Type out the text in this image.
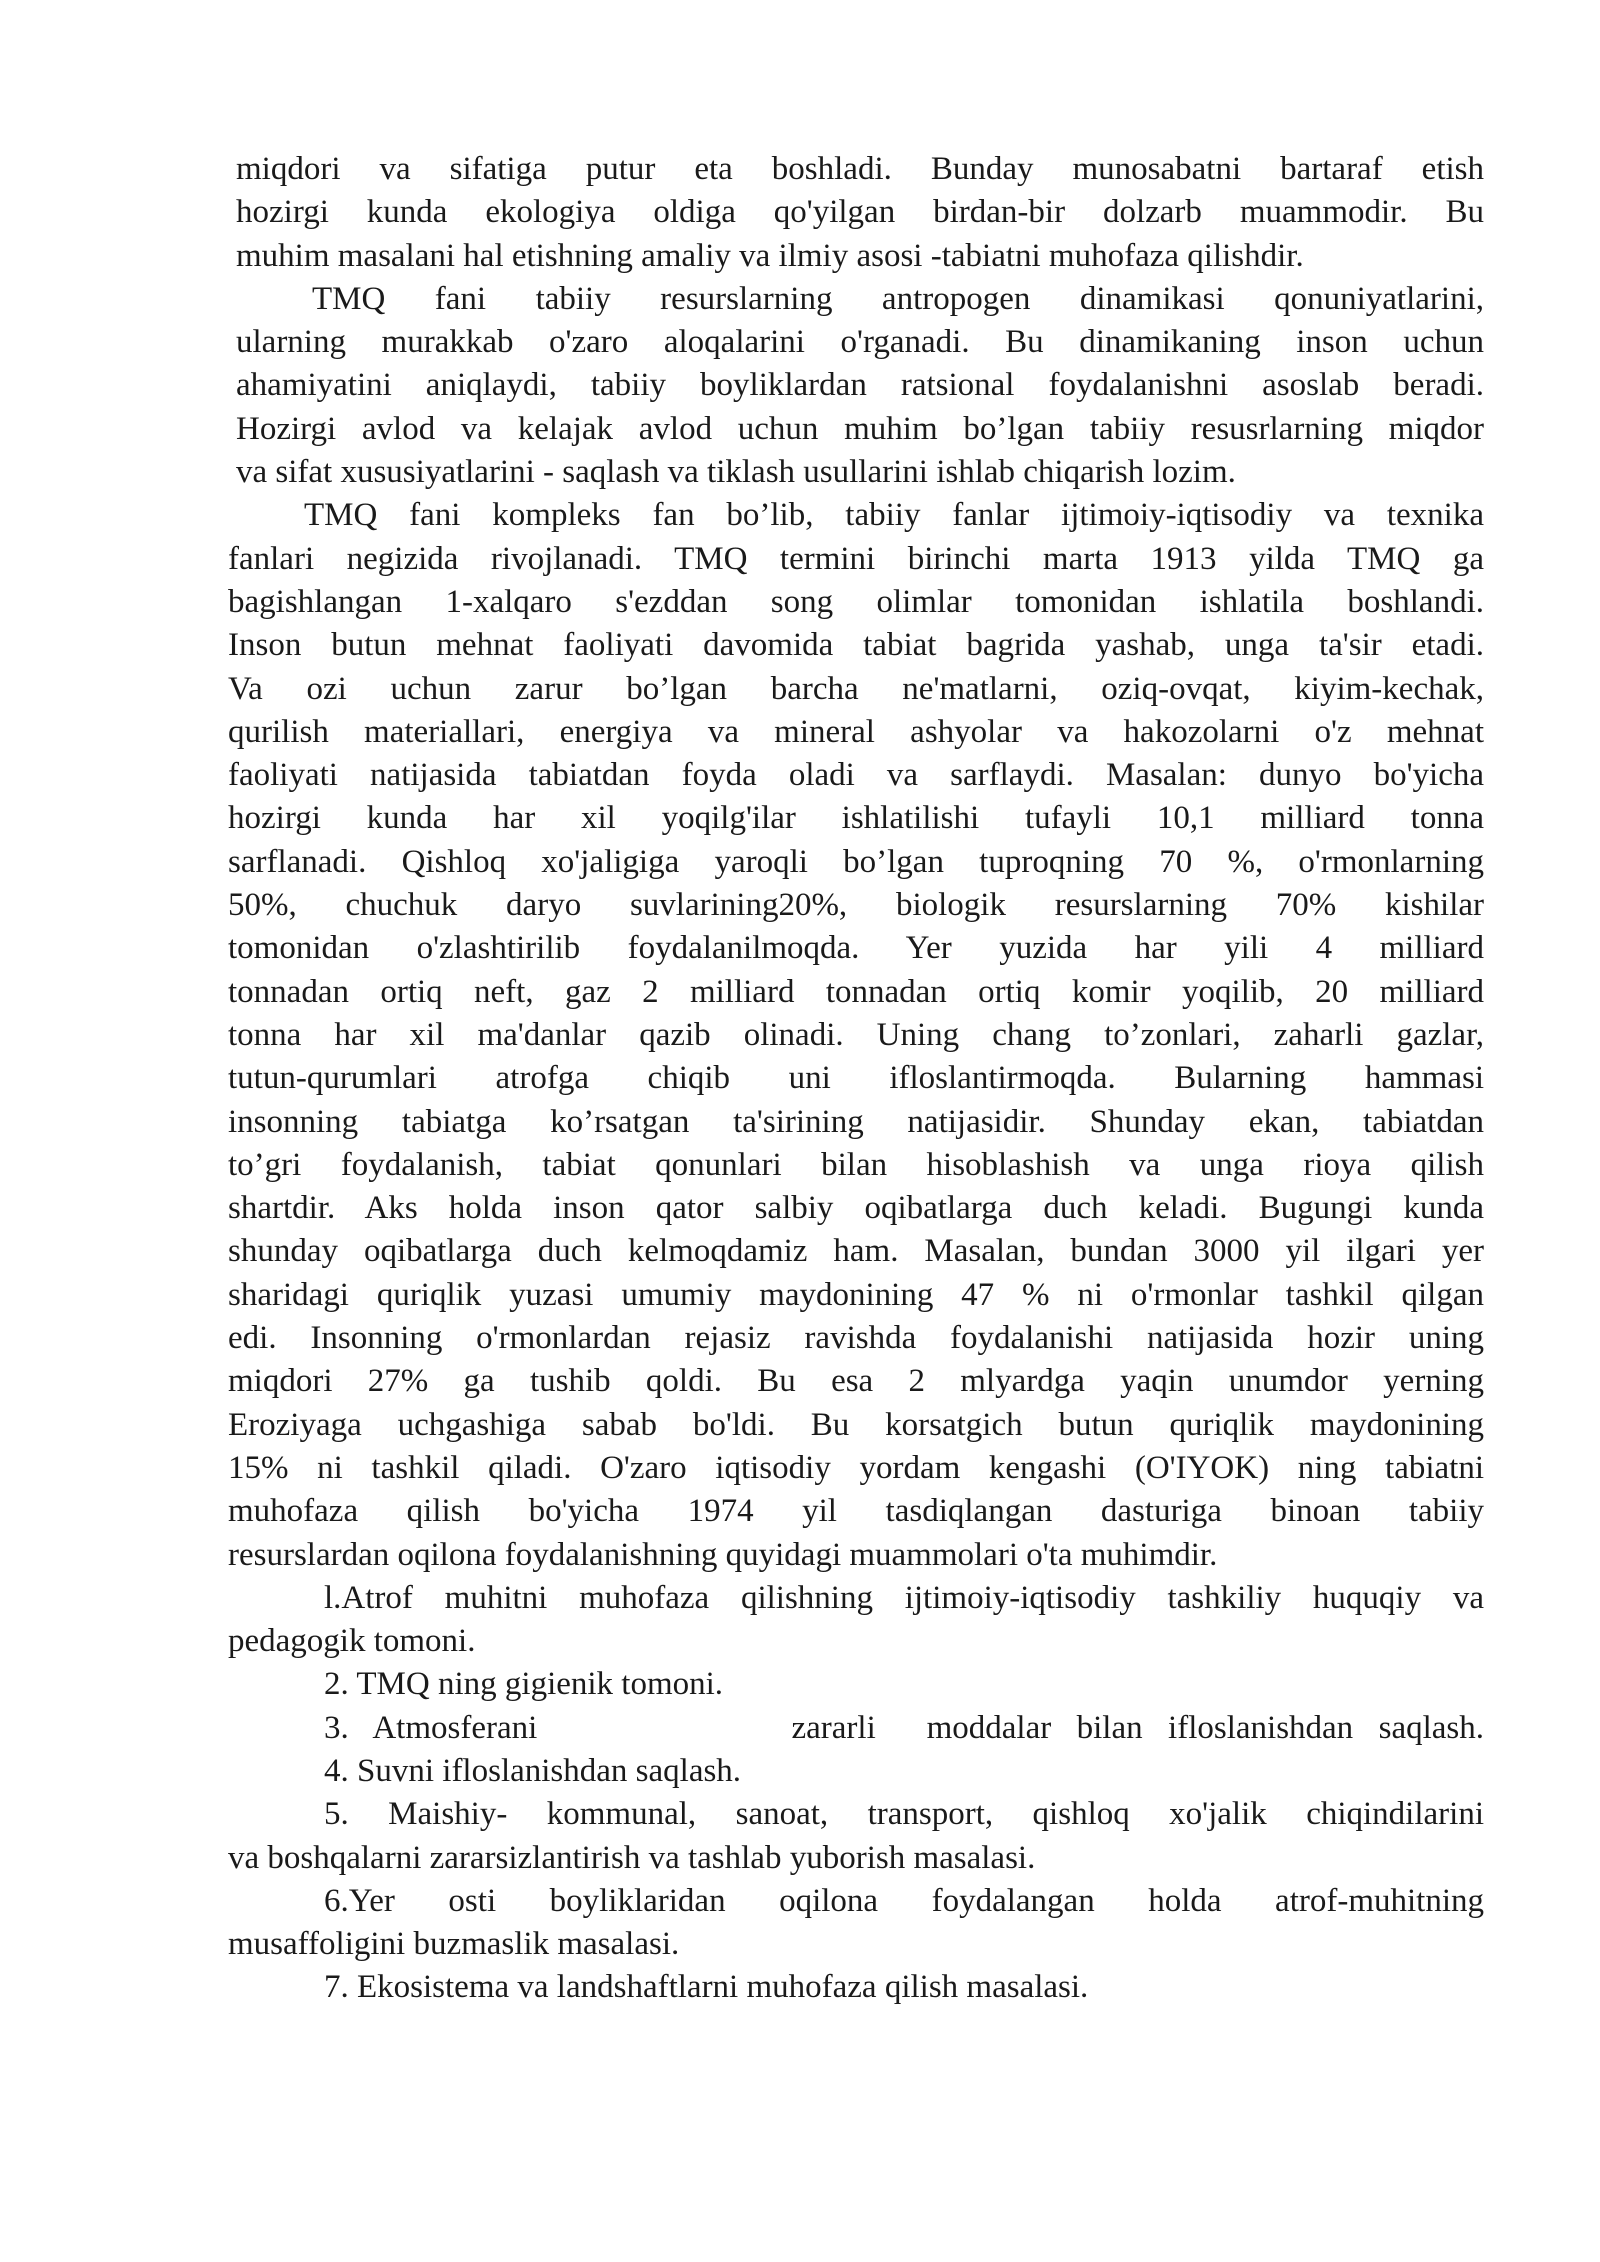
miqdori va sifatiga putur eta boshladi. Bunday munosabatni bartaraf etish
hozirgi kunda ekologiya oldiga qo'yilgan birdan-bir dolzarb muammodir. Bu
muhim masalani hal etishning amaliy va ilmiy asosi -tabiatni muhofaza qilishdir.
TMQ fani tabiiy resurslarning antropogen dinamikasi qonuniyatlarini,
ularning murakkab o'zaro aloqalarini o'rganadi. Bu dinamikaning inson uchun
ahamiyatini aniqlaydi, tabiiy boyliklardan ratsional foydalanishni asoslab beradi.
Hozirgi avlod va kelajak avlod uchun muhim bo’lgan tabiiy resusrlarning miqdor
va sifat xususiyatlarini - saqlash va tiklash usullarini ishlab chiqarish lozim.
TMQ fani kompleks fan bo’lib, tabiiy fanlar ijtimoiy-iqtisodiy va texnika
fanlari negizida rivojlanadi. TMQ termini birinchi marta 1913 yilda TMQ ga
bagishlangan 1-xalqaro s'ezddan song olimlar tomonidan ishlatila boshlandi.
Inson butun mehnat faoliyati davomida tabiat bagrida yashab, unga ta'sir etadi.
Va ozi uchun zarur bo’lgan barcha ne'matlarni, oziq-ovqat, kiyim-kechak,
qurilish materiallari, energiya va mineral ashyolar va hakozolarni o'z mehnat
faoliyati natijasida tabiatdan foyda oladi va sarflaydi. Masalan: dunyo bo'yicha
hozirgi kunda har xil yoqilg'ilar ishlatilishi tufayli 10,1 milliard tonna
sarflanadi. Qishloq xo'jaligiga yaroqli bo’lgan tuproqning 70 %, o'rmonlarning
50%, chuchuk daryo suvlarining20%, biologik resurslarning 70% kishilar
tomonidan o'zlashtirilib foydalanilmoqda. Yer yuzida har yili 4 milliard
tonnadan ortiq neft, gaz 2 milliard tonnadan ortiq komir yoqilib, 20 milliard
tonna har xil ma'danlar qazib olinadi. Uning chang to’zonlari, zaharli gazlar,
tutun-qurumlari atrofga chiqib uni ifloslantirmoqda. Bularning hammasi
insonning tabiatga ko’rsatgan ta'sirining natijasidir. Shunday ekan, tabiatdan
to’gri foydalanish, tabiat qonunlari bilan hisoblashish va unga rioya qilish
shartdir. Aks holda inson qator salbiy oqibatlarga duch keladi. Bugungi kunda
shunday oqibatlarga duch kelmoqdamiz ham. Masalan, bundan 3000 yil ilgari yer
sharidagi quriqlik yuzasi umumiy maydonining 47 % ni o'rmonlar tashkil qilgan
edi. Insonning o'rmonlardan rejasiz ravishda foydalanishi natijasida hozir uning
miqdori 27% ga tushib qoldi. Bu esa 2 mlyardga yaqin unumdor yerning
Eroziyaga uchgashiga sabab bo'ldi. Bu korsatgich butun quriqlik maydonining
15% ni tashkil qiladi. O'zaro iqtisodiy yordam kengashi (O'IYOK) ning tabiatni
muhofaza qilish bo'yicha 1974 yil tasdiqlangan dasturiga binoan tabiiy
resurslardan oqilona foydalanishning quyidagi muammolari o'ta muhimdir.
l.Atrof muhitni muhofaza qilishning ijtimoiy-iqtisodiy tashkiliy huquqiy va
pedagogik tomoni.
2. TMQ ning gigienik tomoni.
3. Atmosferani          zararli  moddalar bilan ifloslanishdan saqlash.
4. Suvni ifloslanishdan saqlash.
5. Maishiy- kommunal, sanoat, transport, qishloq xo'jalik chiqindilarini
va boshqalarni zararsizlantirish va tashlab yuborish masalasi.
6.Yer osti boyliklaridan oqilona foydalangan holda atrof-muhitning
musaffoligini buzmaslik masalasi.
7. Ekosistema va landshaftlarni muhofaza qilish masalasi.
